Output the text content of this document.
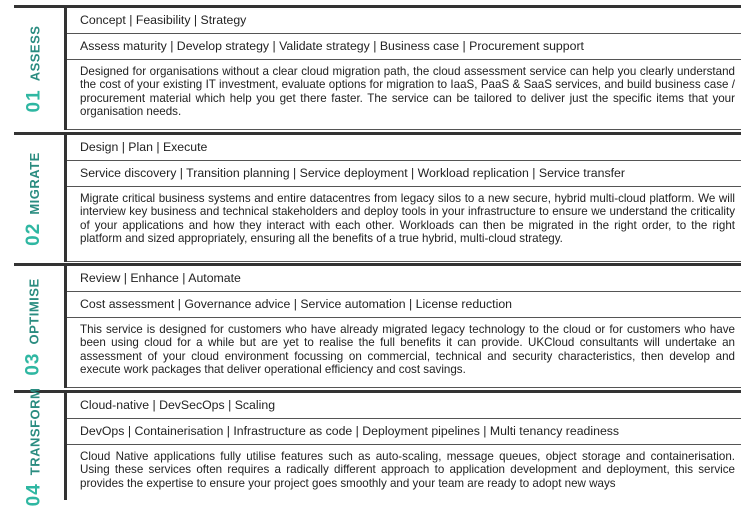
01
ASSESS
Concept | Feasibility | Strategy
Assess maturity | Develop strategy | Validate strategy | Business case | Procurement support
Designed for organisations without a clear cloud migration path, the cloud assessment service can help you clearly understand the cost of your existing IT investment, evaluate options for migration to IaaS, PaaS & SaaS services, and build business case / procurement material which help you get there faster. The service can be tailored to deliver just the specific items that your organisation needs.
02
MIGRATE
Design | Plan | Execute
Service discovery | Transition planning | Service deployment | Workload replication | Service transfer
Migrate critical business systems and entire datacentres from legacy silos to a new secure, hybrid multi-cloud platform. We will interview key business and technical stakeholders and deploy tools in your infrastructure to ensure we understand the criticality of your applications and how they interact with each other. Workloads can then be migrated in the right order, to the right platform and sized appropriately, ensuring all the benefits of a true hybrid, multi-cloud strategy.
03
OPTIMISE
Review | Enhance | Automate
Cost assessment | Governance advice | Service automation | License reduction
This service is designed for customers who have already migrated legacy technology to the cloud or for customers who have been using cloud for a while but are yet to realise the full benefits it can provide. UKCloud consultants will undertake an assessment of your cloud environment focussing on commercial, technical and security characteristics, then develop and execute work packages that deliver operational efficiency and cost savings.
04
TRANSFORM	Cloud-native | DevSecOps | Scaling
DevOps | Containerisation | Infrastructure as code | Deployment pipelines | Multi tenancy readiness
Cloud Native applications fully utilise features such as auto-scaling, message queues, object storage and containerisation. Using these services often requires a radically different approach to application development and deployment, this service provides the expertise to ensure your project goes smoothly and your team are ready to adopt new ways
